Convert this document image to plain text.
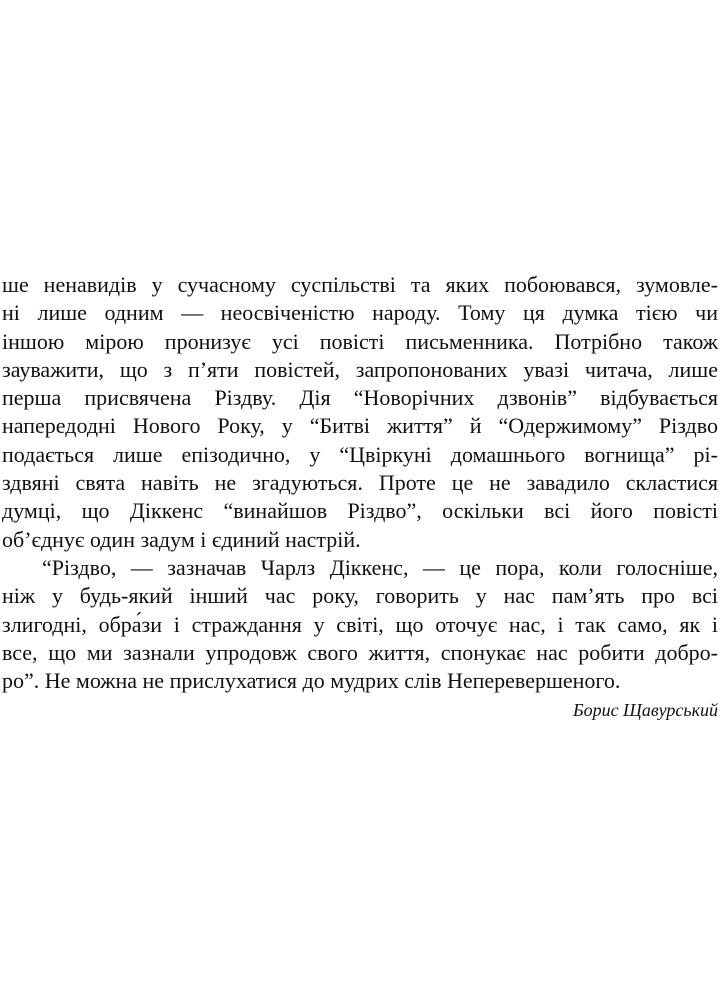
ше ненавидів у сучасному суспільстві та яких побоювався, зумовле-
ні лише одним — неосвіченістю народу. Тому ця думка тією чи
іншою мірою пронизує усі повісті письменника. Потрібно також
зауважити, що з п’яти повістей, запропонованих увазі читача, лише
перша присвячена Різдву. Дія “Новорічних дзвонів” відбувається
напередодні Нового Року, у “Битві життя” й “Одержимому” Різдво
подається лише епізодично, у “Цвіркуні домашнього вогнища” рі-
здвяні свята навіть не згадуються. Проте це не завадило скластися
думці, що Діккенс “винайшов Різдво”, оскільки всі його повісті
об’єднує один задум і єдиний настрій.
“Різдво, — зазначав Чарлз Діккенс, — це пора, коли голосніше,
ніж у будь-який інший час року, говорить у нас пам’ять про всі
злигодні, обра́зи і страждання у світі, що оточує нас, і так само, як і
все, що ми зазнали упродовж свого життя, спонукає нас робити добро-
ро”. Не можна не прислухатися до мудрих слів Неперевершеного.
Борис Щавурський
